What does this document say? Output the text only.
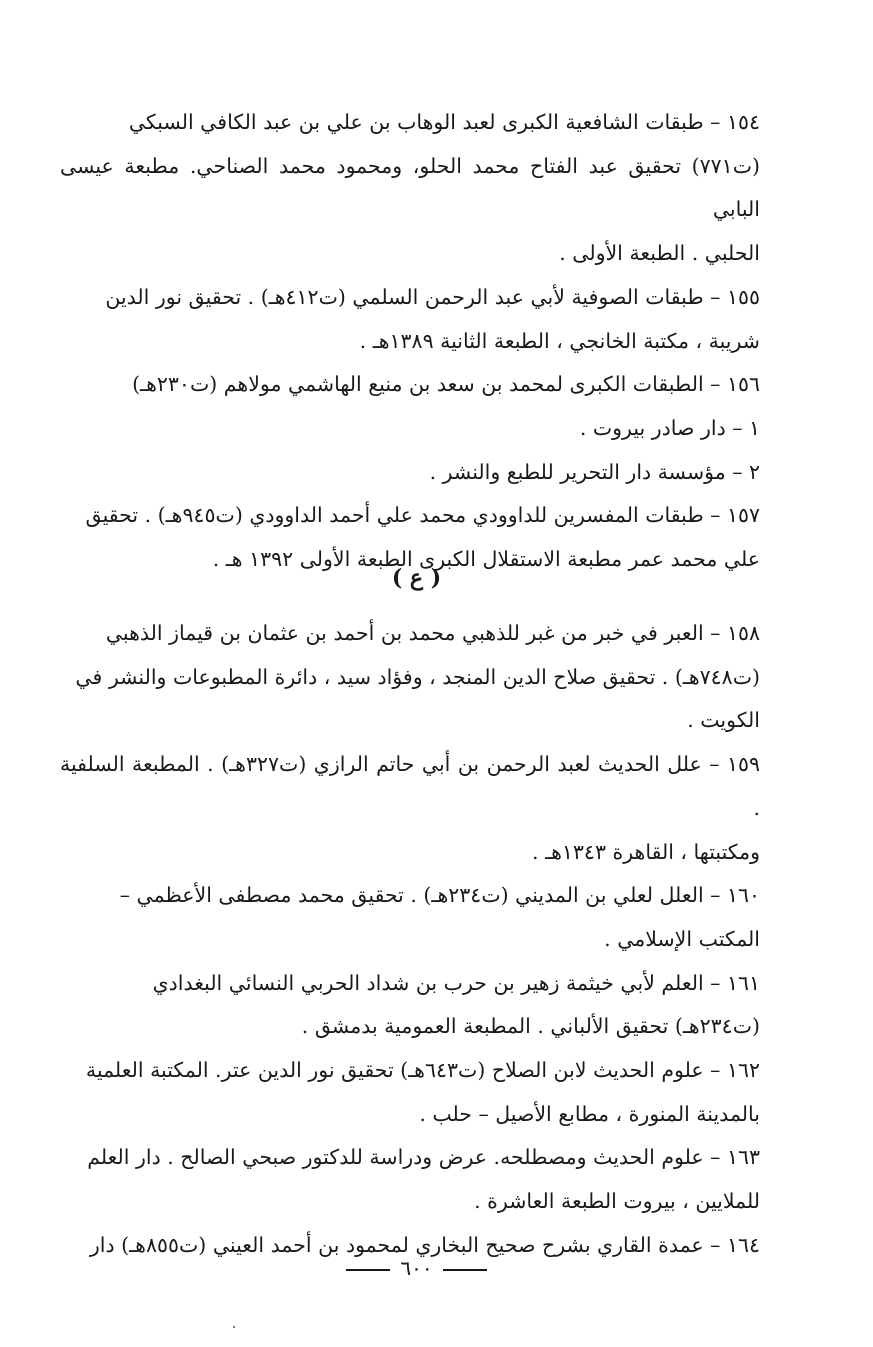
١٥٤ – طبقات الشافعية الكبرى لعبد الوهاب بن علي بن عبد الكافي السبكي
(ت٧٧١) تحقيق عبد الفتاح محمد الحلو، ومحمود محمد الصناحي. مطبعة عيسى البابي
الحلبي . الطبعة الأولى .
١٥٥ – طبقات الصوفية لأبي عبد الرحمن السلمي (ت٤١٢هـ) . تحقيق نور الدين
شريبة ، مكتبة الخانجي ، الطبعة الثانية ١٣٨٩هـ .
١٥٦ – الطبقات الكبرى لمحمد بن سعد بن منيع الهاشمي مولاهم (ت٢٣٠هـ)
١ – دار صادر بيروت .
٢ – مؤسسة دار التحرير للطبع والنشر .
١٥٧ – طبقات المفسرين للداوودي محمد علي أحمد الداوودي (ت٩٤٥هـ) . تحقيق
علي محمد عمر مطبعة الاستقلال الكبرى الطبعة الأولى ١٣٩٢ هـ .
( ع )
١٥٨ – العبر في خبر من غبر للذهبي محمد بن أحمد بن عثمان بن قيماز الذهبي
(ت٧٤٨هـ) . تحقيق صلاح الدين المنجد ، وفؤاد سيد ، دائرة المطبوعات والنشر في
الكويت .
١٥٩ – علل الحديث لعبد الرحمن بن أبي حاتم الرازي (ت٣٢٧هـ) . المطبعة السلفية .
ومكتبتها ، القاهرة ١٣٤٣هـ .
١٦٠ – العلل لعلي بن المديني (ت٢٣٤هـ) . تحقيق محمد مصطفى الأعظمي –
المكتب الإسلامي .
١٦١ – العلم لأبي خيثمة زهير بن حرب بن شداد الحربي النسائي البغدادي
(ت٢٣٤هـ) تحقيق الألباني . المطبعة العمومية بدمشق .
١٦٢ – علوم الحديث لابن الصلاح (ت٦٤٣هـ) تحقيق نور الدين عتر. المكتبة العلمية
بالمدينة المنورة ، مطابع الأصيل – حلب .
١٦٣ – علوم الحديث ومصطلحه. عرض ودراسة للدكتور صبحي الصالح . دار العلم
للملايين ، بيروت الطبعة العاشرة .
١٦٤ – عمدة القاري بشرح صحيح البخاري لمحمود بن أحمد العيني (ت٨٥٥هـ) دار
٦٠٠
